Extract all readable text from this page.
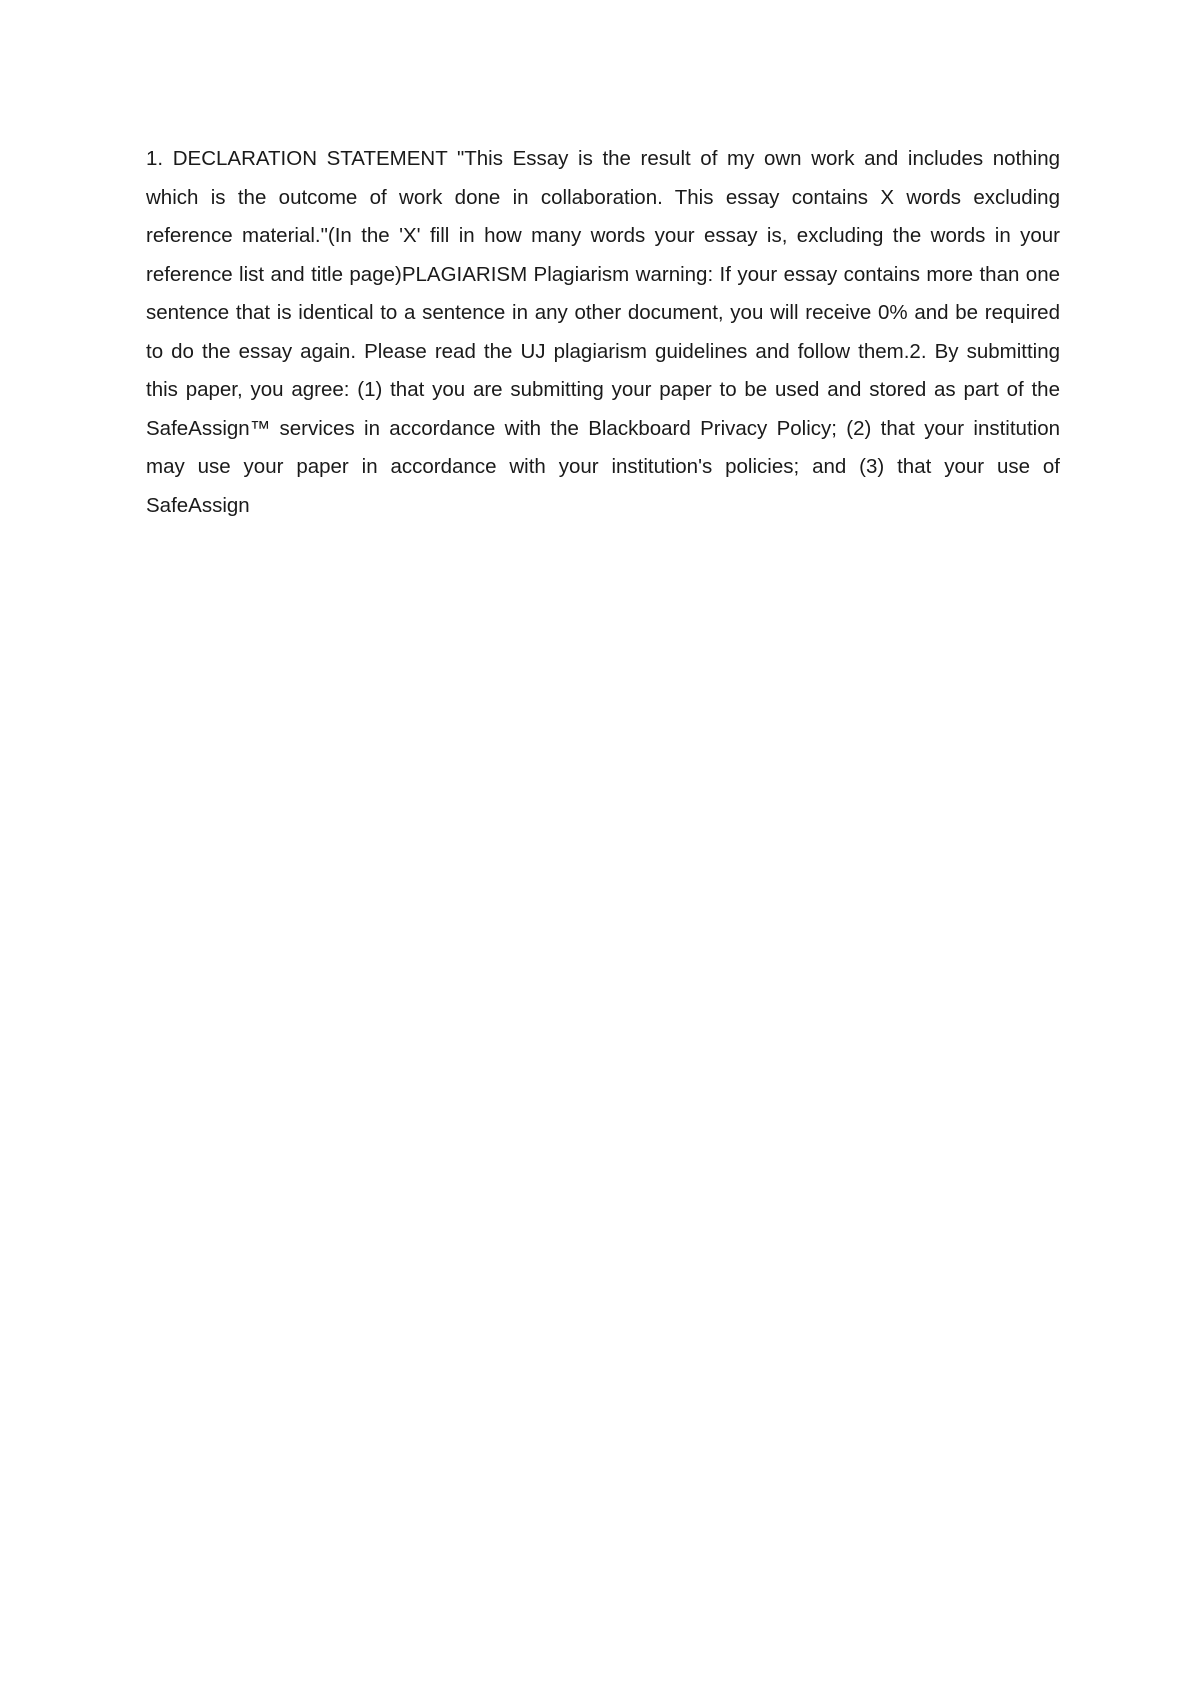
1. DECLARATION STATEMENT "This Essay is the result of my own work and includes nothing which is the outcome of work done in collaboration. This essay contains X words excluding reference material."(In the 'X' fill in how many words your essay is, excluding the words in your reference list and title page)PLAGIARISM Plagiarism warning: If your essay contains more than one sentence that is identical to a sentence in any other document, you will receive 0% and be required to do the essay again. Please read the UJ plagiarism guidelines and follow them.2. By submitting this paper, you agree: (1) that you are submitting your paper to be used and stored as part of the SafeAssign™ services in accordance with the Blackboard Privacy Policy; (2) that your institution may use your paper in accordance with your institution's policies; and (3) that your use of SafeAssign
